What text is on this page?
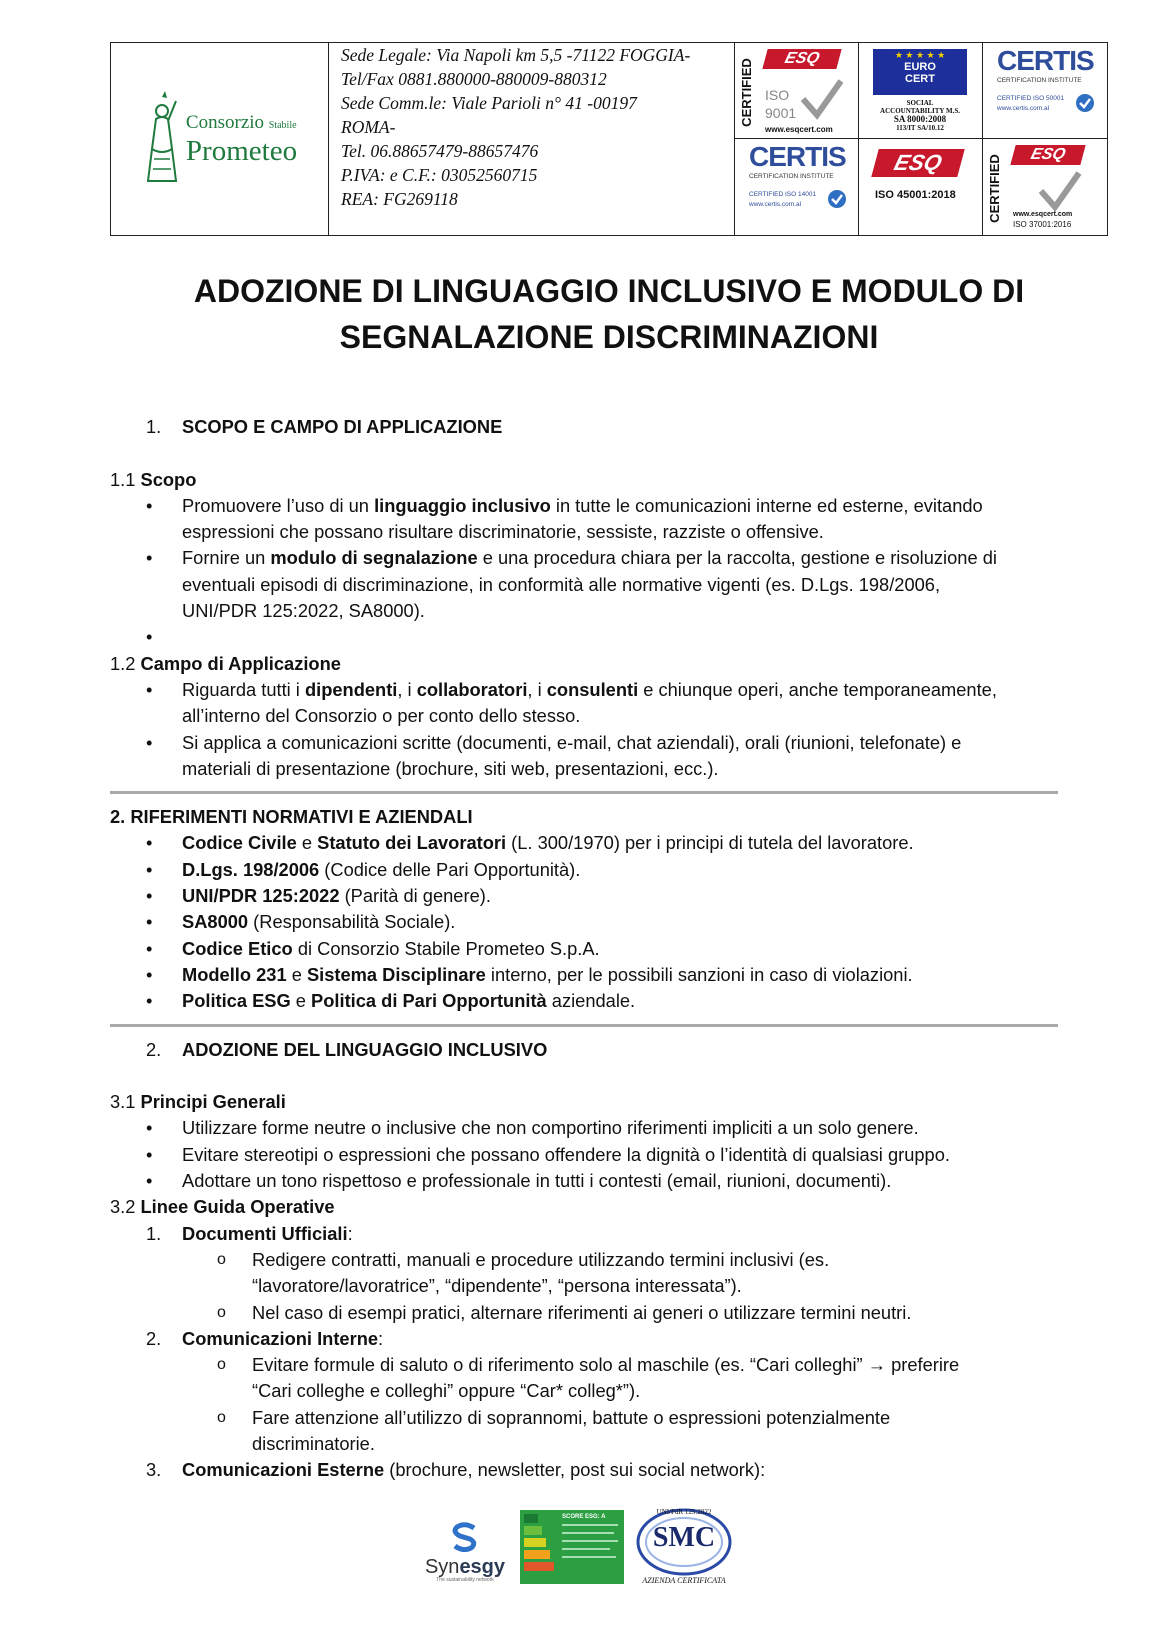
Consorzio Stabile
Prometeo
Sede Legale: Via Napoli km 5,5 -71122 FOGGIA-
Tel/Fax 0881.880000-880009-880312
Sede Comm.le: Viale Parioli n° 41 -00197
ROMA-
Tel. 06.88657479-88657476
P.IVA: e C.F.: 03052560715
REA: FG269118
CERTIFIED	ESQ
ISO
9001
www.esqcert.com
★ ★ ★ ★ ★
EURO
CERT
SOCIAL
ACCOUNTABILITY M.S.
SA 8000:2008
113/IT SA/10.12
CERTIS
CERTIFICATION INSTITUTE
CERTIFIED ISO 50001
www.certis.com.al
CERTIS
CERTIFICATION INSTITUTE
CERTIFIED ISO 14001
www.certis.com.al
ESQ
ISO 45001:2018 CERTIFIED	ESQ
www.esqcert.com
ISO 37001:2016
ADOZIONE DI LINGUAGGIO INCLUSIVO E MODULO DI
SEGNALAZIONE DISCRIMINAZIONI
1. SCOPO E CAMPO DI APPLICAZIONE
1.1 Scopo
• Promuovere l’uso di un linguaggio inclusivo in tutte le comunicazioni interne ed esterne, evitando
espressioni che possano risultare discriminatorie, sessiste, razziste o offensive.
• Fornire un modulo di segnalazione e una procedura chiara per la raccolta, gestione e risoluzione di
eventuali episodi di discriminazione, in conformità alle normative vigenti (es. D.Lgs. 198/2006,
UNI/PDR 125:2022, SA8000).
•
1.2 Campo di Applicazione
• Riguarda tutti i dipendenti, i collaboratori, i consulenti e chiunque operi, anche temporaneamente,
all’interno del Consorzio o per conto dello stesso.
• Si applica a comunicazioni scritte (documenti, e-mail, chat aziendali), orali (riunioni, telefonate) e
materiali di presentazione (brochure, siti web, presentazioni, ecc.).
2. RIFERIMENTI NORMATIVI E AZIENDALI
• Codice Civile e Statuto dei Lavoratori (L. 300/1970) per i principi di tutela del lavoratore.
• D.Lgs. 198/2006 (Codice delle Pari Opportunità).
• UNI/PDR 125:2022 (Parità di genere).
• SA8000 (Responsabilità Sociale).
• Codice Etico di Consorzio Stabile Prometeo S.p.A.
• Modello 231 e Sistema Disciplinare interno, per le possibili sanzioni in caso di violazioni.
• Politica ESG e Politica di Pari Opportunità aziendale.
2. ADOZIONE DEL LINGUAGGIO INCLUSIVO
3.1 Principi Generali
• Utilizzare forme neutre o inclusive che non comportino riferimenti impliciti a un solo genere.
• Evitare stereotipi o espressioni che possano offendere la dignità o l’identità di qualsiasi gruppo.
• Adottare un tono rispettoso e professionale in tutti i contesti (email, riunioni, documenti).
3.2 Linee Guida Operative
1. Documenti Ufficiali:
o Redigere contratti, manuali e procedure utilizzando termini inclusivi (es.
“lavoratore/lavoratrice”, “dipendente”, “persona interessata”).
o Nel caso di esempi pratici, alternare riferimenti ai generi o utilizzare termini neutri.
2. Comunicazioni Interne:
o Evitare formule di saluto o di riferimento solo al maschile (es. “Cari colleghi” → preferire
“Cari colleghe e colleghi” oppure “Car* colleg*”).
o Fare attenzione all’utilizzo di soprannomi, battute o espressioni potenzialmente
discriminatorie.
3. Comunicazioni Esterne (brochure, newsletter, post sui social network):
Synesgy
The sustainability network
SCORE ESG: A
UNI/PdR 125:2022
SMC
AZIENDA CERTIFICATA
